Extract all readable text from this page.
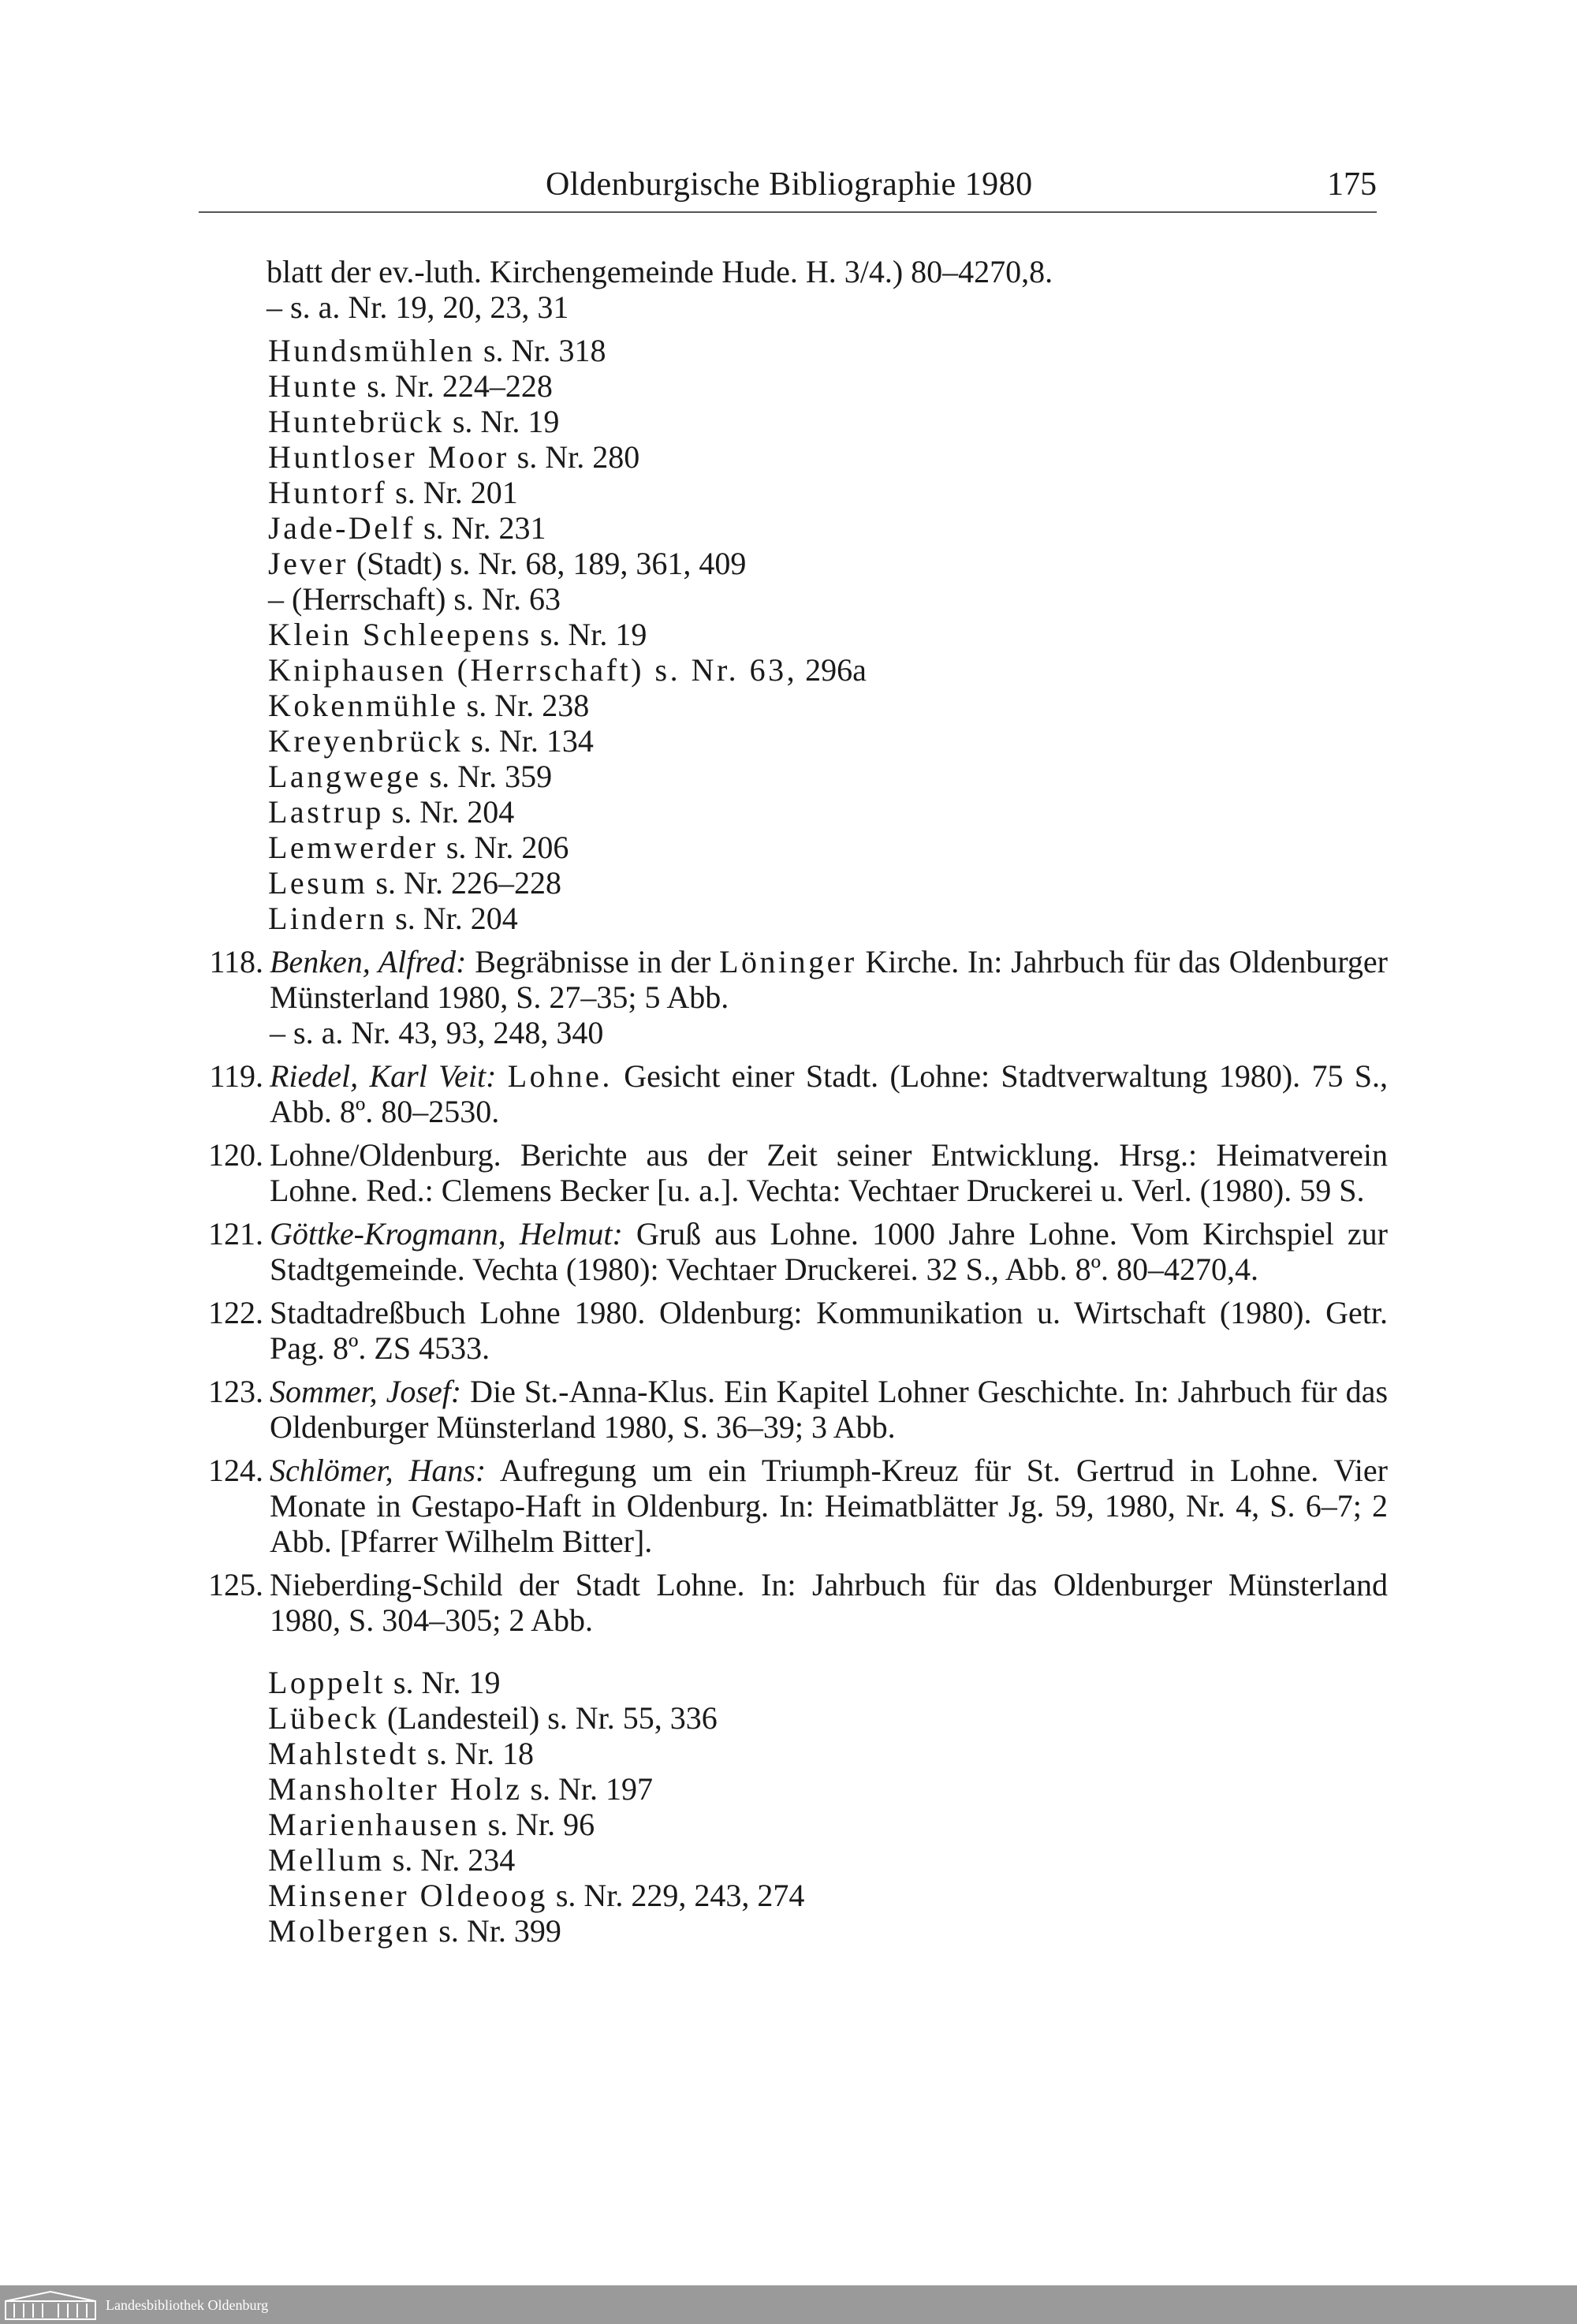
Oldenburgische Bibliographie 1980	175
blatt der ev.-luth. Kirchengemeinde Hude. H. 3/4.) 80–4270,8.
– s. a. Nr. 19, 20, 23, 31
Hundsmühlen s. Nr. 318
Hunte s. Nr. 224–228
Huntebrück s. Nr. 19
Huntloser Moor s. Nr. 280
Huntorf s. Nr. 201
Jade-Delf s. Nr. 231
Jever (Stadt) s. Nr. 68, 189, 361, 409
– (Herrschaft) s. Nr. 63
Klein Schleepens s. Nr. 19
Kniphausen (Herrschaft) s. Nr. 63, 296a
Kokenmühle s. Nr. 238
Kreyenbrück s. Nr. 134
Langwege s. Nr. 359
Lastrup s. Nr. 204
Lemwerder s. Nr. 206
Lesum s. Nr. 226–228
Lindern s. Nr. 204
118. Benken, Alfred: Begräbnisse in der Löninger Kirche. In: Jahrbuch für das Oldenburger Münsterland 1980, S. 27–35; 5 Abb.
– s. a. Nr. 43, 93, 248, 340
119. Riedel, Karl Veit: Lohne. Gesicht einer Stadt. (Lohne: Stadtverwaltung 1980). 75 S., Abb. 8º. 80–2530.
120. Lohne/Oldenburg. Berichte aus der Zeit seiner Entwicklung. Hrsg.: Heimatverein Lohne. Red.: Clemens Becker [u. a.]. Vechta: Vechtaer Druckerei u. Verl. (1980). 59 S.
121. Göttke-Krogmann, Helmut: Gruß aus Lohne. 1000 Jahre Lohne. Vom Kirchspiel zur Stadtgemeinde. Vechta (1980): Vechtaer Druckerei. 32 S., Abb. 8º. 80–4270,4.
122. Stadtadreßbuch Lohne 1980. Oldenburg: Kommunikation u. Wirtschaft (1980). Getr. Pag. 8º. ZS 4533.
123. Sommer, Josef: Die St.-Anna-Klus. Ein Kapitel Lohner Geschichte. In: Jahrbuch für das Oldenburger Münsterland 1980, S. 36–39; 3 Abb.
124. Schlömer, Hans: Aufregung um ein Triumph-Kreuz für St. Gertrud in Lohne. Vier Monate in Gestapo-Haft in Oldenburg. In: Heimatblätter Jg. 59, 1980, Nr. 4, S. 6–7; 2 Abb. [Pfarrer Wilhelm Bitter].
125. Nieberding-Schild der Stadt Lohne. In: Jahrbuch für das Oldenburger Münsterland 1980, S. 304–305; 2 Abb.
Loppelt s. Nr. 19
Lübeck (Landesteil) s. Nr. 55, 336
Mahlstedt s. Nr. 18
Mansholter Holz s. Nr. 197
Marienhausen s. Nr. 96
Mellum s. Nr. 234
Minsener Oldeoog s. Nr. 229, 243, 274
Molbergen s. Nr. 399
Landesbibliothek Oldenburg
